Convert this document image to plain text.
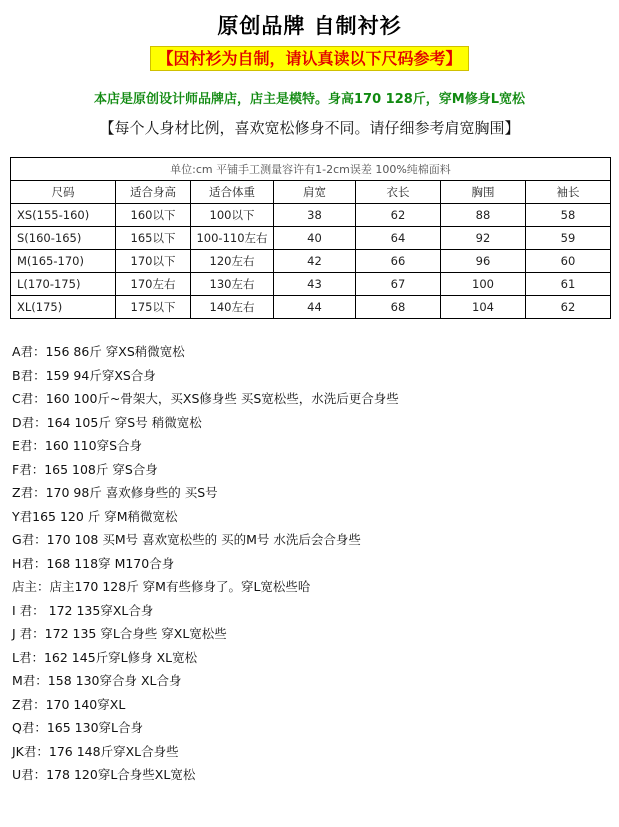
原创品牌 自制衬衫
【因衬衫为自制，请认真读以下尺码参考】
本店是原创设计师品牌店，店主是模特。身高170 128斤，穿M修身L宽松
【每个人身材比例，喜欢宽松修身不同。请仔细参考肩宽胸围】
单位:cm 平铺手工测量容许有1-2cm误差 100%纯棉面料						
尺码	适合身高	适合体重	肩宽	衣长	胸围	袖长
XS(155-160)	160以下	100以下	38	62	88	58
S(160-165)	165以下	100-110左右	40	64	92	59
M(165-170)	170以下	120左右	42	66	96	60
L(170-175)	170左右	130左右	43	67	100	61
XL(175)	175以下	140左右	44	68	104	62
A君：156 86斤 穿XS稍微宽松
B君：159 94斤穿XS合身
C君：160 100斤~骨架大，买XS修身些 买S宽松些，水洗后更合身些
D君：164 105斤 穿S号 稍微宽松
E君：160 110穿S合身
F君：165 108斤 穿S合身
Z君：170 98斤 喜欢修身些的 买S号
Y君165 120 斤 穿M稍微宽松
G君：170 108 买M号 喜欢宽松些的 买的M号 水洗后会合身些
H君：168 118穿 M170合身
店主：店主170 128斤 穿M有些修身了。穿L宽松些哈
I 君： 172 135穿XL合身
J 君：172 135 穿L合身些 穿XL宽松些
L君：162 145斤穿L修身 XL宽松
M君：158 130穿合身 XL合身
Z君：170 140穿XL
Q君：165 130穿L合身
JK君：176 148斤穿XL合身些
U君：178 120穿L合身些XL宽松
